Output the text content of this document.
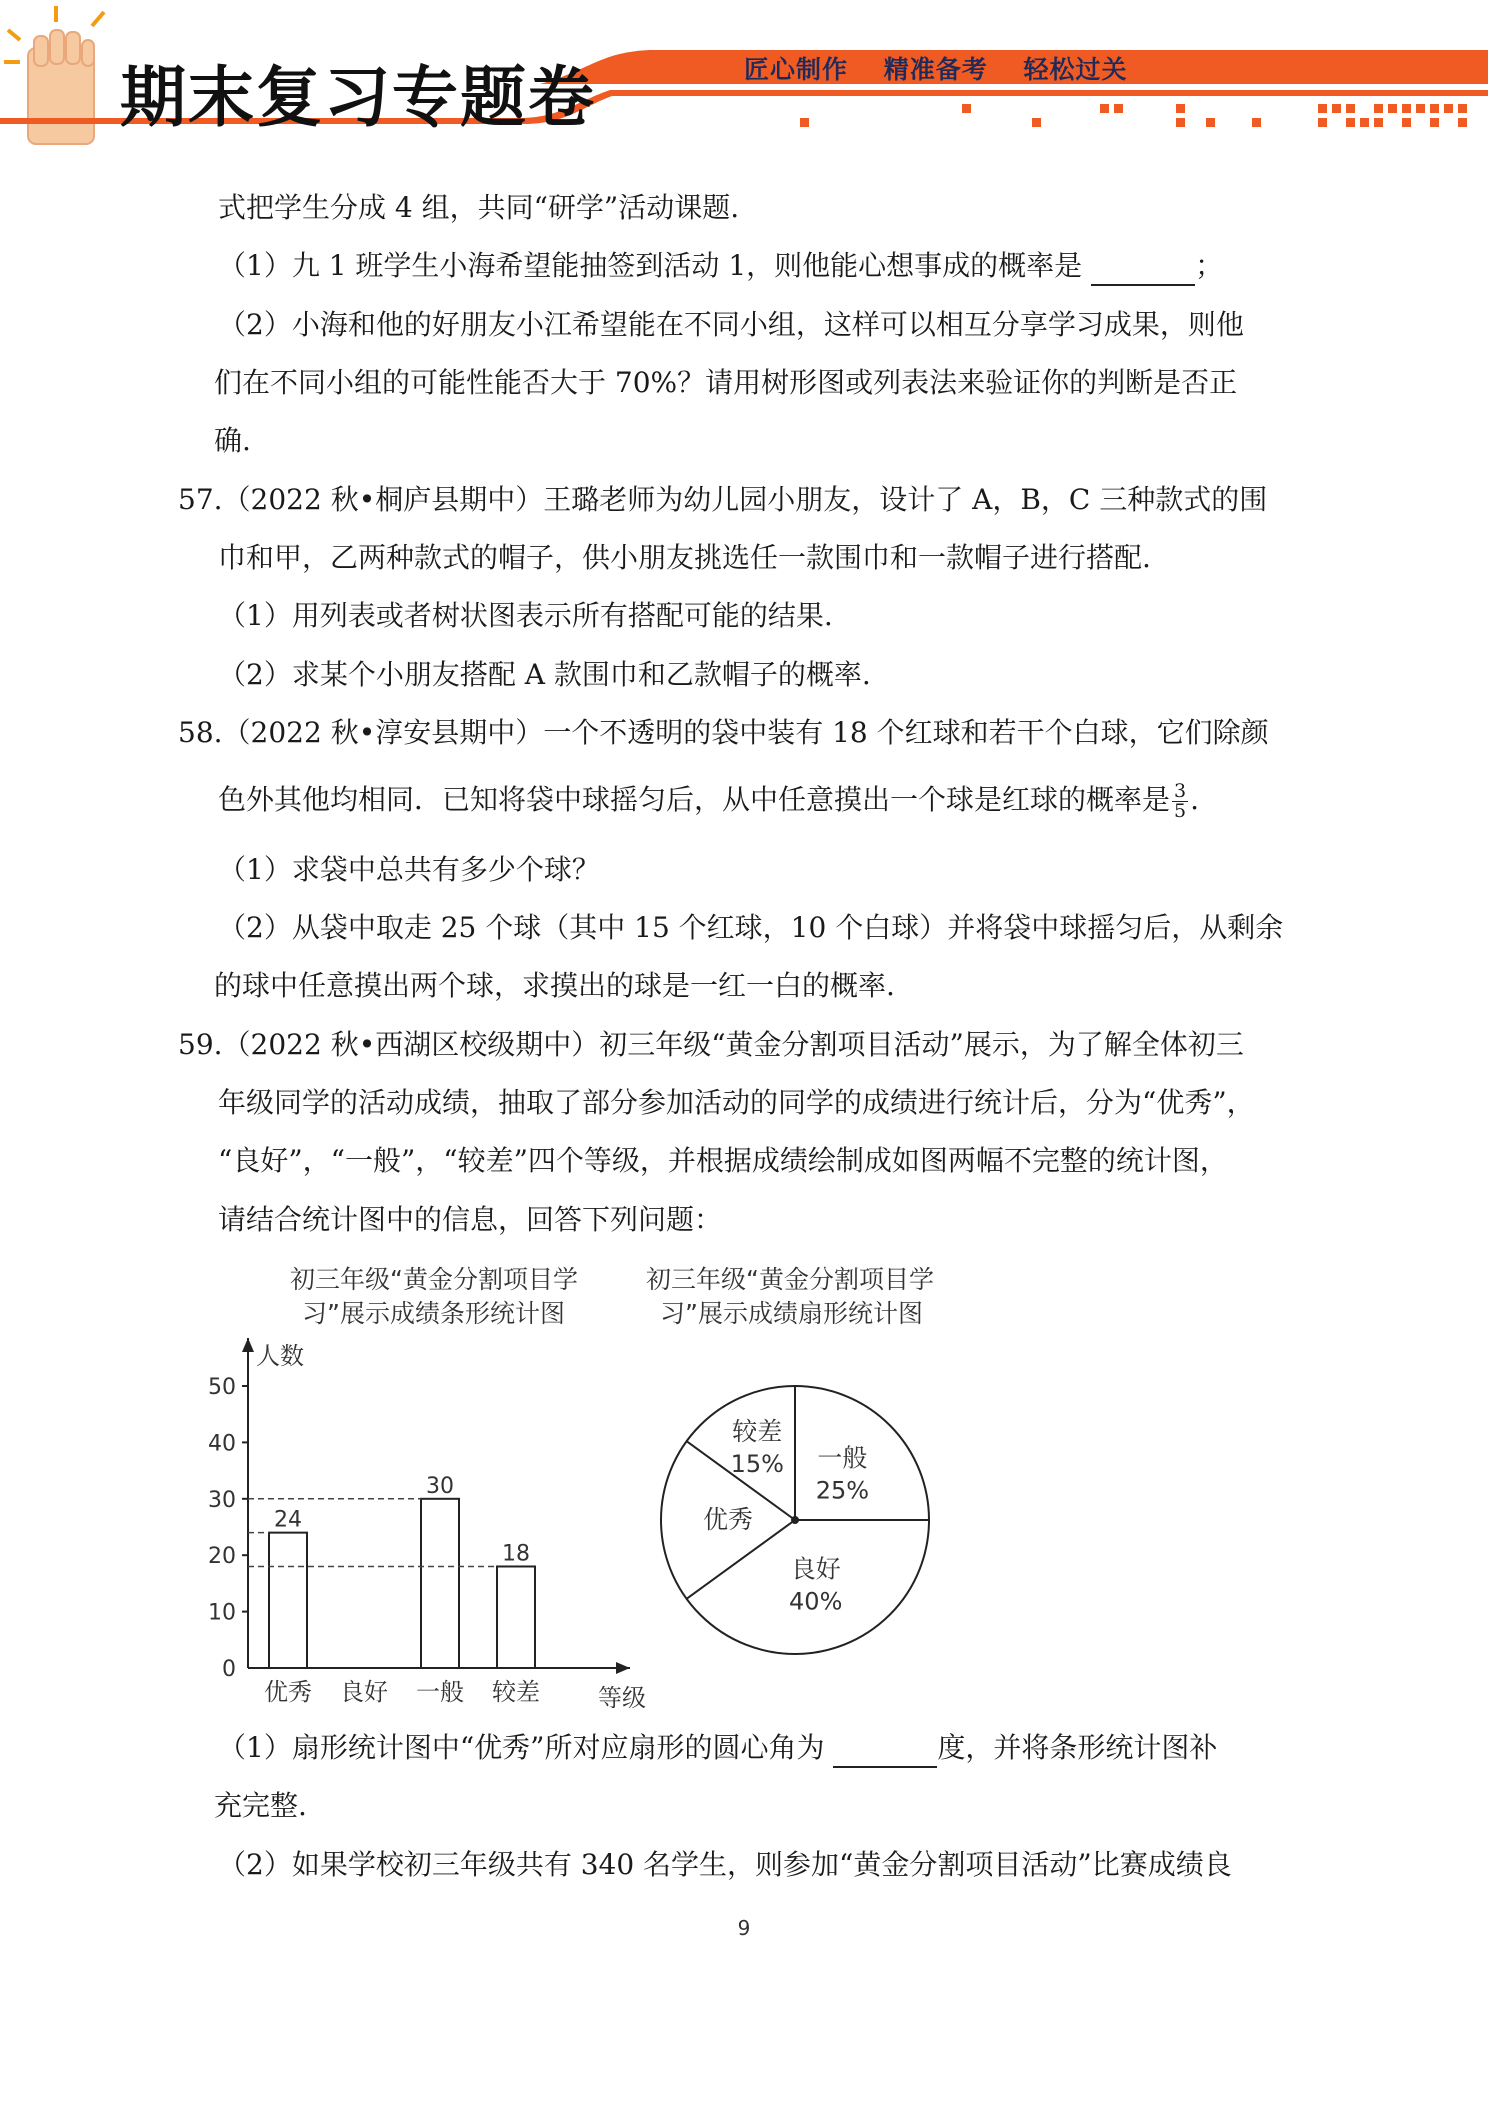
期末复习专题卷	匠心制作 精准备考 轻松过关
式把学生分成 4 组，共同“研学”活动课题.
（1）九 1 班学生小海希望能抽签到活动 1，则他能心想事成的概率是	；
（2）小海和他的好朋友小江希望能在不同小组，这样可以相互分享学习成果，则他
们在不同小组的可能性能否大于 70%？请用树形图或列表法来验证你的判断是否正
确.
57.（2022 秋•桐庐县期中）王璐老师为幼儿园小朋友，设计了 A，B，C 三种款式的围
巾和甲，乙两种款式的帽子，供小朋友挑选任一款围巾和一款帽子进行搭配.
（1）用列表或者树状图表示所有搭配可能的结果.
（2）求某个小朋友搭配 A 款围巾和乙款帽子的概率.
58.（2022 秋•淳安县期中）一个不透明的袋中装有 18 个红球和若干个白球，它们除颜
色外其他均相同．已知将袋中球摇匀后，从中任意摸出一个球是红球的概率是 $\frac{3}{5}$ .
（1）求袋中总共有多少个球？
（2）从袋中取走 25 个球（其中 15 个红球，10 个白球）并将袋中球摇匀后，从剩余
的球中任意摸出两个球，求摸出的球是一红一白的概率.
59.（2022 秋•西湖区校级期中）初三年级“黄金分割项目活动”展示，为了解全体初三
年级同学的活动成绩，抽取了部分参加活动的同学的成绩进行统计后，分为“优秀”，
“良好”，“一般”，“较差”四个等级，并根据成绩绘制成如图两幅不完整的统计图，
请结合统计图中的信息，回答下列问题：
初三年级“黄金分割项目学
习”展示成绩条形统计图
初三年级“黄金分割项目学
习”展示成绩扇形统计图
人数
等级
0
10
20
30
40
50
优秀
24
良好 一般
30
较差
18
一般
25%
良好
40%
优秀
较差
15%
（1）扇形统计图中“优秀”所对应扇形的圆心角为	度，并将条形统计图补
充完整.
（2）如果学校初三年级共有 340 名学生，则参加“黄金分割项目活动”比赛成绩良
9
